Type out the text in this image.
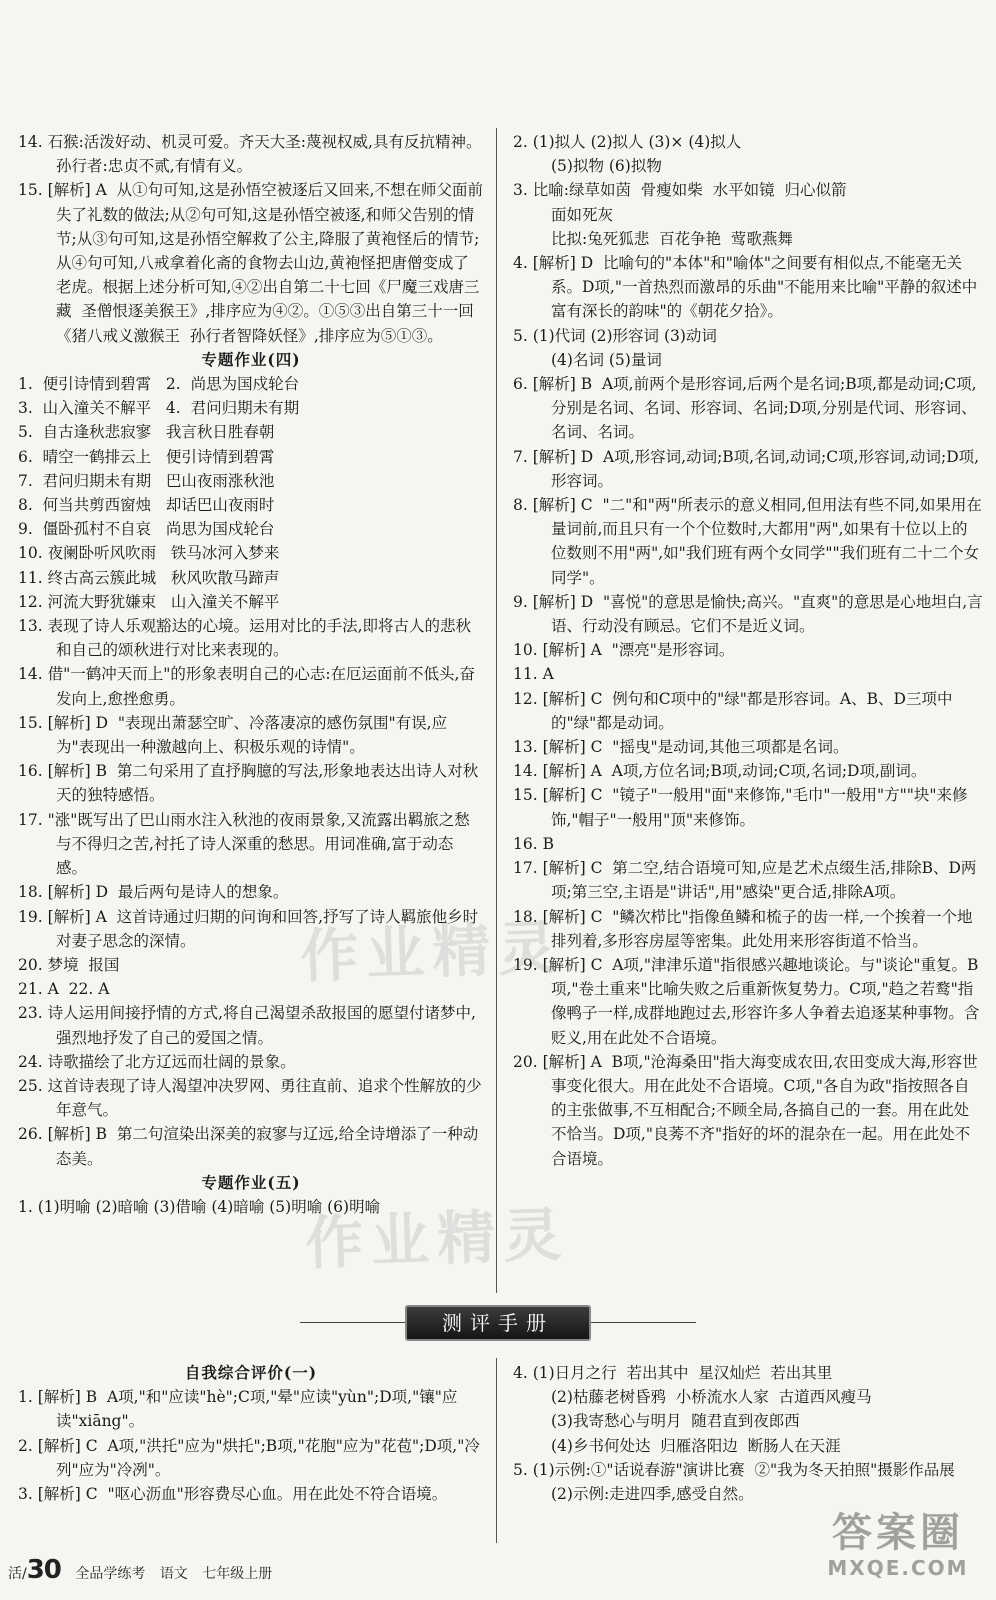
14. 石猴:活泼好动、机灵可爱。齐天大圣:蔑视权威,具有反抗精神。孙行者:忠贞不贰,有情有义。

15. [解析] A  从①句可知,这是孙悟空被逐后又回来,不想在师父面前失了礼数的做法;从②句可知,这是孙悟空被逐,和师父告别的情节;从③句可知,这是孙悟空解救了公主,降服了黄袍怪后的情节;从④句可知,八戒拿着化斋的食物去山边,黄袍怪把唐僧变成了老虎。根据上述分析可知,④②出自第二十七回《尸魔三戏唐三藏  圣僧恨逐美猴王》,排序应为④②。①⑤③出自第三十一回《猪八戒义激猴王  孙行者智降妖怪》,排序应为⑤①③。

专题作业(四)

1.  便引诗情到碧霄   2.  尚思为国戍轮台

3.  山入潼关不解平   4.  君问归期未有期

5.  自古逢秋悲寂寥   我言秋日胜春朝

6.  晴空一鹤排云上   便引诗情到碧霄

7.  君问归期未有期   巴山夜雨涨秋池

8.  何当共剪西窗烛   却话巴山夜雨时

9.  僵卧孤村不自哀   尚思为国戍轮台

10. 夜阑卧听风吹雨   铁马冰河入梦来

11. 终古高云簇此城   秋风吹散马蹄声

12. 河流大野犹嫌束   山入潼关不解平

13. 表现了诗人乐观豁达的心境。运用对比的手法,即将古人的悲秋和自己的颂秋进行对比来表现的。

14. 借"一鹤冲天而上"的形象表明自己的心志:在厄运面前不低头,奋发向上,愈挫愈勇。

15. [解析] D  "表现出萧瑟空旷、冷落凄凉的感伤氛围"有误,应为"表现出一种激越向上、积极乐观的诗情"。

16. [解析] B  第二句采用了直抒胸臆的写法,形象地表达出诗人对秋天的独特感悟。

17. "涨"既写出了巴山雨水注入秋池的夜雨景象,又流露出羁旅之愁与不得归之苦,衬托了诗人深重的愁思。用词准确,富于动态感。

18. [解析] D  最后两句是诗人的想象。

19. [解析] A  这首诗通过归期的问询和回答,抒写了诗人羁旅他乡时对妻子思念的深情。

20. 梦境  报国

21. A  22. A

23. 诗人运用间接抒情的方式,将自己渴望杀敌报国的愿望付诸梦中,强烈地抒发了自己的爱国之情。

24. 诗歌描绘了北方辽远而壮阔的景象。

25. 这首诗表现了诗人渴望冲决罗网、勇往直前、追求个性解放的少年意气。

26. [解析] B  第二句渲染出深美的寂寥与辽远,给全诗增添了一种动态美。

专题作业(五)

1. (1)明喻 (2)暗喻 (3)借喻 (4)暗喻 (5)明喻 (6)明喻

2. (1)拟人 (2)拟人 (3)× (4)拟人
(5)拟物 (6)拟物

3. 比喻:绿草如茵  骨瘦如柴  水平如镜  归心似箭
面如死灰
比拟:兔死狐悲  百花争艳  莺歌燕舞

4. [解析] D  比喻句的"本体"和"喻体"之间要有相似点,不能毫无关系。D项,"一首热烈而激昂的乐曲"不能用来比喻"平静的叙述中富有深长的韵味"的《朝花夕拾》。

5. (1)代词 (2)形容词 (3)动词
(4)名词 (5)量词

6. [解析] B  A项,前两个是形容词,后两个是名词;B项,都是动词;C项,分别是名词、名词、形容词、名词;D项,分别是代词、形容词、名词、名词。

7. [解析] D  A项,形容词,动词;B项,名词,动词;C项,形容词,动词;D项,形容词。

8. [解析] C  "二"和"两"所表示的意义相同,但用法有些不同,如果用在量词前,而且只有一个个位数时,大都用"两",如果有十位以上的位数则不用"两",如"我们班有两个女同学""我们班有二十二个女同学"。

9. [解析] D  "喜悦"的意思是愉快;高兴。"直爽"的意思是心地坦白,言语、行动没有顾忌。它们不是近义词。

10. [解析] A  "漂亮"是形容词。

11. A

12. [解析] C  例句和C项中的"绿"都是形容词。A、B、D三项中的"绿"都是动词。

13. [解析] C  "摇曳"是动词,其他三项都是名词。

14. [解析] A  A项,方位名词;B项,动词;C项,名词;D项,副词。

15. [解析] C  "镜子"一般用"面"来修饰,"毛巾"一般用"方""块"来修饰,"帽子"一般用"顶"来修饰。

16. B

17. [解析] C  第二空,结合语境可知,应是艺术点缀生活,排除B、D两项;第三空,主语是"讲话",用"感染"更合适,排除A项。

18. [解析] C  "鳞次栉比"指像鱼鳞和梳子的齿一样,一个挨着一个地排列着,多形容房屋等密集。此处用来形容街道不恰当。

19. [解析] C  A项,"津津乐道"指很感兴趣地谈论。与"谈论"重复。B项,"卷土重来"比喻失败之后重新恢复势力。C项,"趋之若鹜"指像鸭子一样,成群地跑过去,形容许多人争着去追逐某种事物。含贬义,用在此处不合语境。

20. [解析] A  B项,"沧海桑田"指大海变成农田,农田变成大海,形容世事变化很大。用在此处不合语境。C项,"各自为政"指按照各自的主张做事,不互相配合;不顾全局,各搞自己的一套。用在此处不恰当。D项,"良莠不齐"指好的坏的混杂在一起。用在此处不合语境。

测评手册

自我综合评价(一)

1. [解析] B  A项,"和"应读"hè";C项,"晕"应读"yùn";D项,"镶"应读"xiāng"。

2. [解析] C  A项,"洪托"应为"烘托";B项,"花胞"应为"花苞";D项,"冷列"应为"冷冽"。

3. [解析] C  "呕心沥血"形容费尽心血。用在此处不符合语境。

4. (1)日月之行  若出其中  星汉灿烂  若出其里
(2)枯藤老树昏鸦  小桥流水人家  古道西风瘦马
(3)我寄愁心与明月  随君直到夜郎西
(4)乡书何处达  归雁洛阳边  断肠人在天涯

5. (1)示例:①"话说春游"演讲比赛  ②"我为冬天拍照"摄影作品展
(2)示例:走进四季,感受自然。

作业精灵
作业精灵
活/30 全品学练考 语文 七年级上册
答案圈
MXQE.COM
